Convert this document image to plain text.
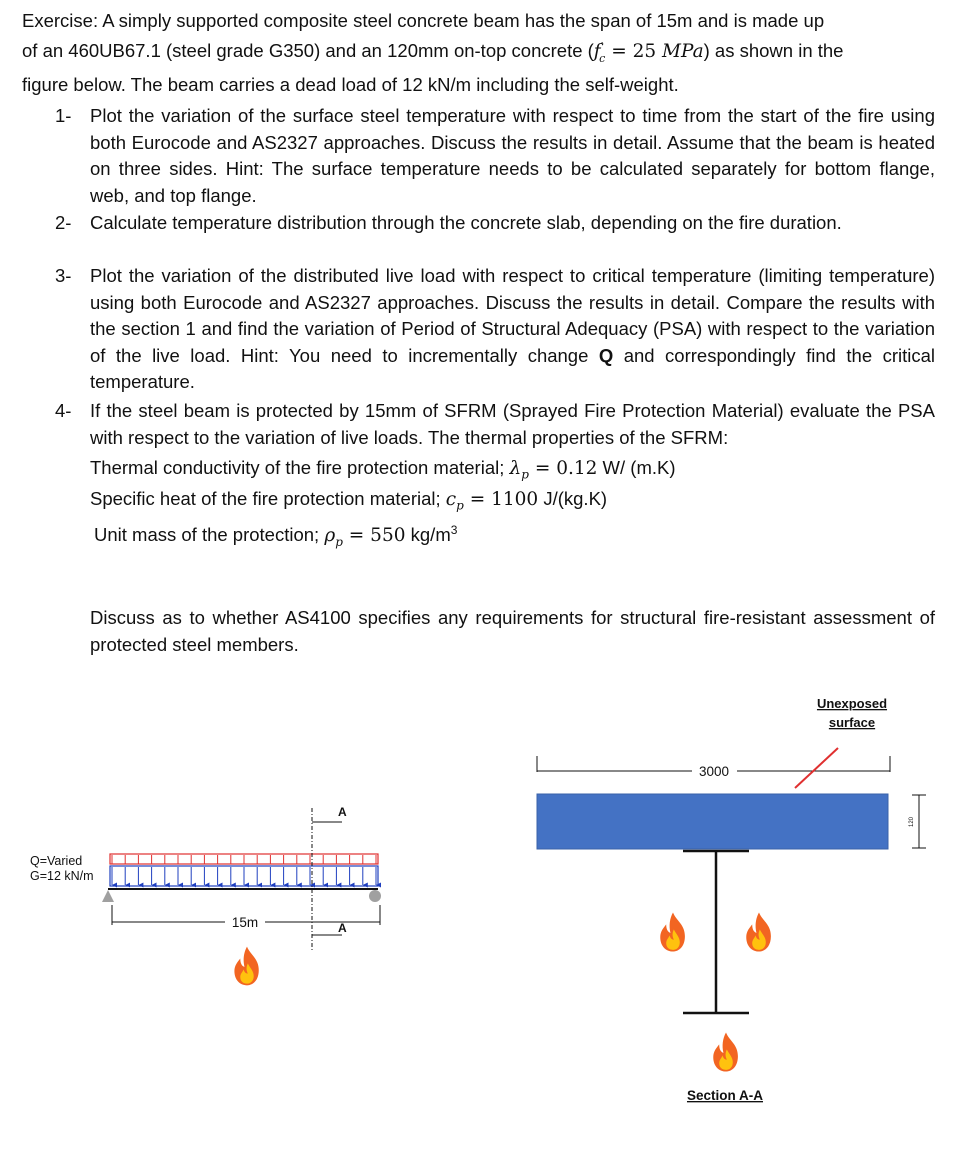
Exercise: A simply supported composite steel concrete beam has the span of 15m and is made up
of an 460UB67.1 (steel grade G350) and an 120mm on-top concrete ($f'_c = 25$ MPa) as shown in the
figure below. The beam carries a dead load of 12 kN/m including the self-weight.
1- Plot the variation of the surface steel temperature with respect to time from the start of the fire using both Eurocode and AS2327 approaches. Discuss the results in detail. Assume that the beam is heated on three sides. Hint: The surface temperature needs to be calculated separately for bottom flange, web, and top flange.
2- Calculate temperature distribution through the concrete slab, depending on the fire duration.
3- Plot the variation of the distributed live load with respect to critical temperature (limiting temperature) using both Eurocode and AS2327 approaches. Discuss the results in detail. Compare the results with the section 1 and find the variation of Period of Structural Adequacy (PSA) with respect to the variation of the live load. Hint: You need to incrementally change Q and correspondingly find the critical temperature.
4- If the steel beam is protected by 15mm of SFRM (Sprayed Fire Protection Material) evaluate the PSA with respect to the variation of live loads. The thermal properties of the SFRM:
Thermal conductivity of the fire protection material; $\lambda_p = 0.12$ W/ (m.K)
Specific heat of the fire protection material; $c_p = 1100$ J/(kg.K)
Unit mass of the protection; $\rho_p = 550$ $kg/m^3$
Discuss as to whether AS4100 specifies any requirements for structural fire-resistant assessment of protected steel members.
Q=Varied
G=12 kN/m
15m
A
A
Unexposed
surface
3000
120
Section A-A
